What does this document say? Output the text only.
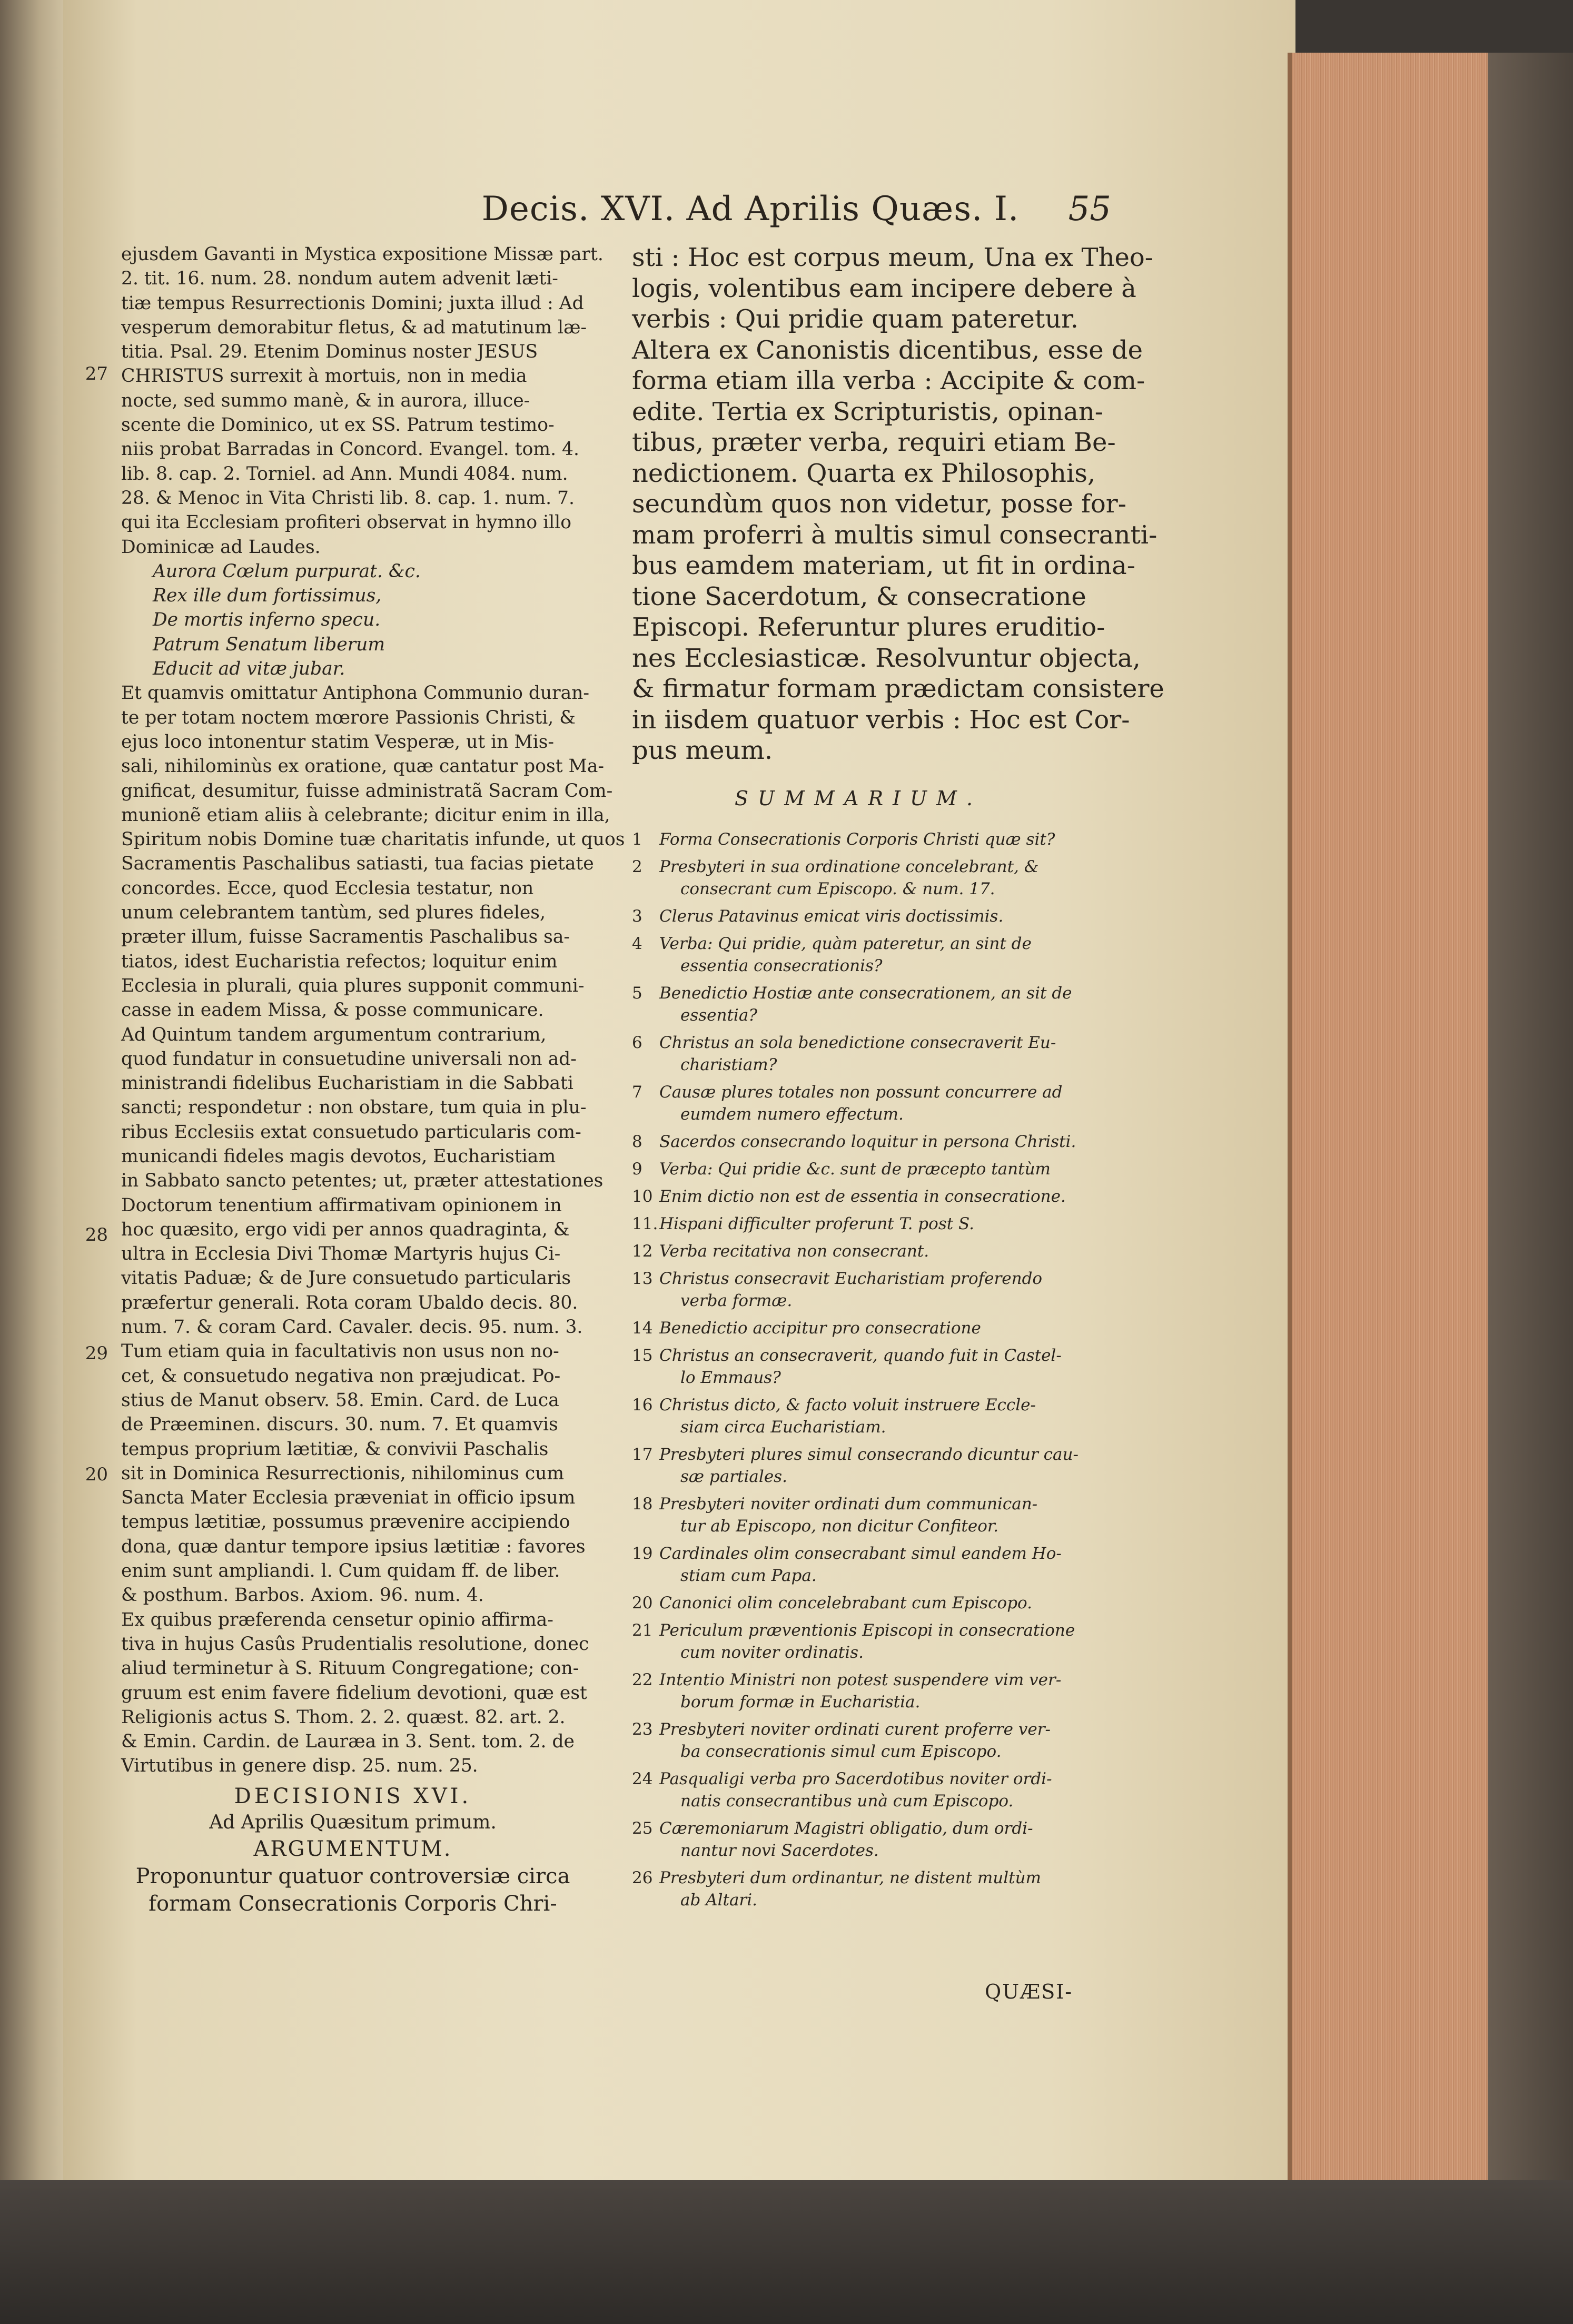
Decis. XVI. Ad Aprilis Quæs. I.	55
27
28
29
20
ejusdem Gavanti in Mystica expositione Missæ part.
2. tit. 16. num. 28. nondum autem advenit læti-
tiæ tempus Resurrectionis Domini; juxta illud : Ad
vesperum demorabitur fletus, & ad matutinum læ-
titia. Psal. 29. Etenim Dominus noster JESUS
CHRISTUS surrexit à mortuis, non in media
nocte, sed summo manè, & in aurora, illuce-
scente die Dominico, ut ex SS. Patrum testimo-
niis probat Barradas in Concord. Evangel. tom. 4.
lib. 8. cap. 2. Torniel. ad Ann. Mundi 4084. num.
28. & Menoc in Vita Christi lib. 8. cap. 1. num. 7.
qui ita Ecclesiam profiteri observat in hymno illo
Dominicæ ad Laudes.
Aurora Cœlum purpurat. &c.
Rex ille dum fortissimus,
De mortis inferno specu.
Patrum Senatum liberum
Educit ad vitæ jubar.
Et quamvis omittatur Antiphona Communio duran-
te per totam noctem mœrore Passionis Christi, &
ejus loco intonentur statim Vesperæ, ut in Mis-
sali, nihilominùs ex oratione, quæ cantatur post Ma-
gnificat, desumitur, fuisse administratã Sacram Com-
munionẽ etiam aliis à celebrante; dicitur enim in illa,
Spiritum nobis Domine tuæ charitatis infunde, ut quos
Sacramentis Paschalibus satiasti, tua facias pietate
concordes. Ecce, quod Ecclesia testatur, non
unum celebrantem tantùm, sed plures fideles,
præter illum, fuisse Sacramentis Paschalibus sa-
tiatos, idest Eucharistia refectos; loquitur enim
Ecclesia in plurali, quia plures supponit communi-
casse in eadem Missa, & posse communicare.
Ad Quintum tandem argumentum contrarium,
quod fundatur in consuetudine universali non ad-
ministrandi fidelibus Eucharistiam in die Sabbati
sancti; respondetur : non obstare, tum quia in plu-
ribus Ecclesiis extat consuetudo particularis com-
municandi fideles magis devotos, Eucharistiam
in Sabbato sancto petentes; ut, præter attestationes
Doctorum tenentium affirmativam opinionem in
hoc quæsito, ergo vidi per annos quadraginta, &
ultra in Ecclesia Divi Thomæ Martyris hujus Ci-
vitatis Paduæ; & de Jure consuetudo particularis
præfertur generali. Rota coram Ubaldo decis. 80.
num. 7. & coram Card. Cavaler. decis. 95. num. 3.
Tum etiam quia in facultativis non usus non no-
cet, & consuetudo negativa non præjudicat. Po-
stius de Manut observ. 58. Emin. Card. de Luca
de Præeminen. discurs. 30. num. 7. Et quamvis
tempus proprium lætitiæ, & convivii Paschalis
sit in Dominica Resurrectionis, nihilominus cum
Sancta Mater Ecclesia præveniat in officio ipsum
tempus lætitiæ, possumus prævenire accipiendo
dona, quæ dantur tempore ipsius lætitiæ : favores
enim sunt ampliandi. l. Cum quidam ff. de liber.
& posthum. Barbos. Axiom. 96. num. 4.
Ex quibus præferenda censetur opinio affirma-
tiva in hujus Casûs Prudentialis resolutione, donec
aliud terminetur à S. Rituum Congregatione; con-
gruum est enim favere fidelium devotioni, quæ est
Religionis actus S. Thom. 2. 2. quæst. 82. art. 2.
& Emin. Cardin. de Lauræa in 3. Sent. tom. 2. de
Virtutibus in genere disp. 25. num. 25.
DECISIONIS XVI.
Ad Aprilis Quæsitum primum.
ARGUMENTUM.
Proponuntur quatuor controversiæ circa
formam Consecrationis Corporis Chri-
sti : Hoc est corpus meum, Una ex Theo-
logis, volentibus eam incipere debere à
verbis : Qui pridie quam pateretur.
Altera ex Canonistis dicentibus, esse de
forma etiam illa verba : Accipite & com-
edite. Tertia ex Scripturistis, opinan-
tibus, præter verba, requiri etiam Be-
nedictionem. Quarta ex Philosophis,
secundùm quos non videtur, posse for-
mam proferri à multis simul consecranti-
bus eamdem materiam, ut fit in ordina-
tione Sacerdotum, & consecratione
Episcopi. Referuntur plures eruditio-
nes Ecclesiasticæ. Resolvuntur objecta,
& firmatur formam prædictam consistere
in iisdem quatuor verbis : Hoc est Cor-
pus meum.
SUMMARIUM.
1	Forma Consecrationis Corporis Christi quæ sit?
2	Presbyteri in sua ordinatione concelebrant, &
consecrant cum Episcopo. & num. 17.
3	Clerus Patavinus emicat viris doctissimis.
4	Verba: Qui pridie, quàm pateretur, an sint de
essentia consecrationis?
5	Benedictio Hostiæ ante consecrationem, an sit de
essentia?
6	Christus an sola benedictione consecraverit Eu-
charistiam?
7	Causæ plures totales non possunt concurrere ad
eumdem numero effectum.
8	Sacerdos consecrando loquitur in persona Christi.
9	Verba: Qui pridie &c. sunt de præcepto tantùm
10 Enim dictio non est de essentia in consecratione.
11. Hispani difficulter proferunt T. post S.
12 Verba recitativa non consecrant.
13 Christus consecravit Eucharistiam proferendo
verba formæ.
14 Benedictio accipitur pro consecratione
15 Christus an consecraverit, quando fuit in Castel-
lo Emmaus?
16 Christus dicto, & facto voluit instruere Eccle-
siam circa Eucharistiam.
17 Presbyteri plures simul consecrando dicuntur cau-
sæ partiales.
18 Presbyteri noviter ordinati dum communican-
tur ab Episcopo, non dicitur Confiteor.
19 Cardinales olim consecrabant simul eandem Ho-
stiam cum Papa.
20 Canonici olim concelebrabant cum Episcopo.
21 Periculum præventionis Episcopi in consecratione
cum noviter ordinatis.
22 Intentio Ministri non potest suspendere vim ver-
borum formæ in Eucharistia.
23 Presbyteri noviter ordinati curent proferre ver-
ba consecrationis simul cum Episcopo.
24 Pasqualigi verba pro Sacerdotibus noviter ordi-
natis consecrantibus unà cum Episcopo.
25 Cæremoniarum Magistri obligatio, dum ordi-
nantur novi Sacerdotes.
26 Presbyteri dum ordinantur, ne distent multùm
ab Altari.
QUÆSI-
